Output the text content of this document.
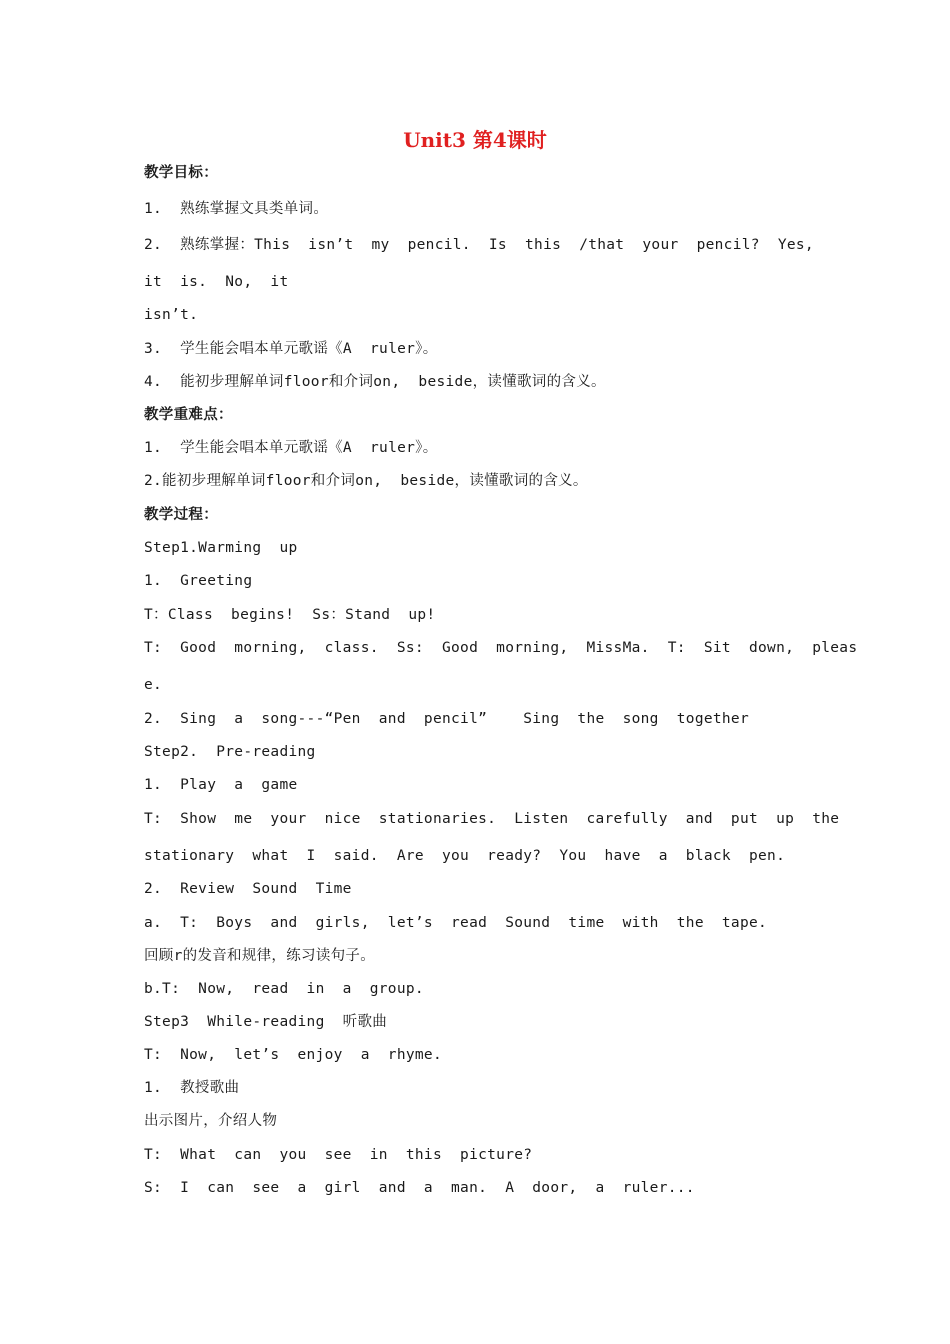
Unit3 第4课时
教学目标：
1.  熟练掌握文具类单词。
2.  熟练掌握：This  isn’t  my  pencil.  Is  this  /that  your  pencil?  Yes,
it  is.  No,  it
isn’t.
3.  学生能会唱本单元歌谣《A  ruler》。
4.  能初步理解单词floor和介词on,  beside，读懂歌词的含义。
教学重难点：
1.  学生能会唱本单元歌谣《A  ruler》。
2.能初步理解单词floor和介词on,  beside，读懂歌词的含义。
教学过程：
Step1.Warming  up
1.  Greeting
T：Class  begins!  Ss：Stand  up!
T:  Good  morning,  class.  Ss:  Good  morning,  MissMa.  T:  Sit  down,  pleas
e.
2.  Sing  a  song---“Pen  and  pencil”    Sing  the  song  together
Step2.  Pre-reading
1.  Play  a  game
T:  Show  me  your  nice  stationaries.  Listen  carefully  and  put  up  the
stationary  what  I  said.  Are  you  ready?  You  have  a  black  pen.
2.  Review  Sound  Time
a.  T:  Boys  and  girls,  let’s  read  Sound  time  with  the  tape.
回顾r的发音和规律，练习读句子。
b.T:  Now,  read  in  a  group.
Step3  While-reading  听歌曲
T:  Now,  let’s  enjoy  a  rhyme.
1.  教授歌曲
出示图片，介绍人物
T:  What  can  you  see  in  this  picture?
S:  I  can  see  a  girl  and  a  man.  A  door,  a  ruler...
